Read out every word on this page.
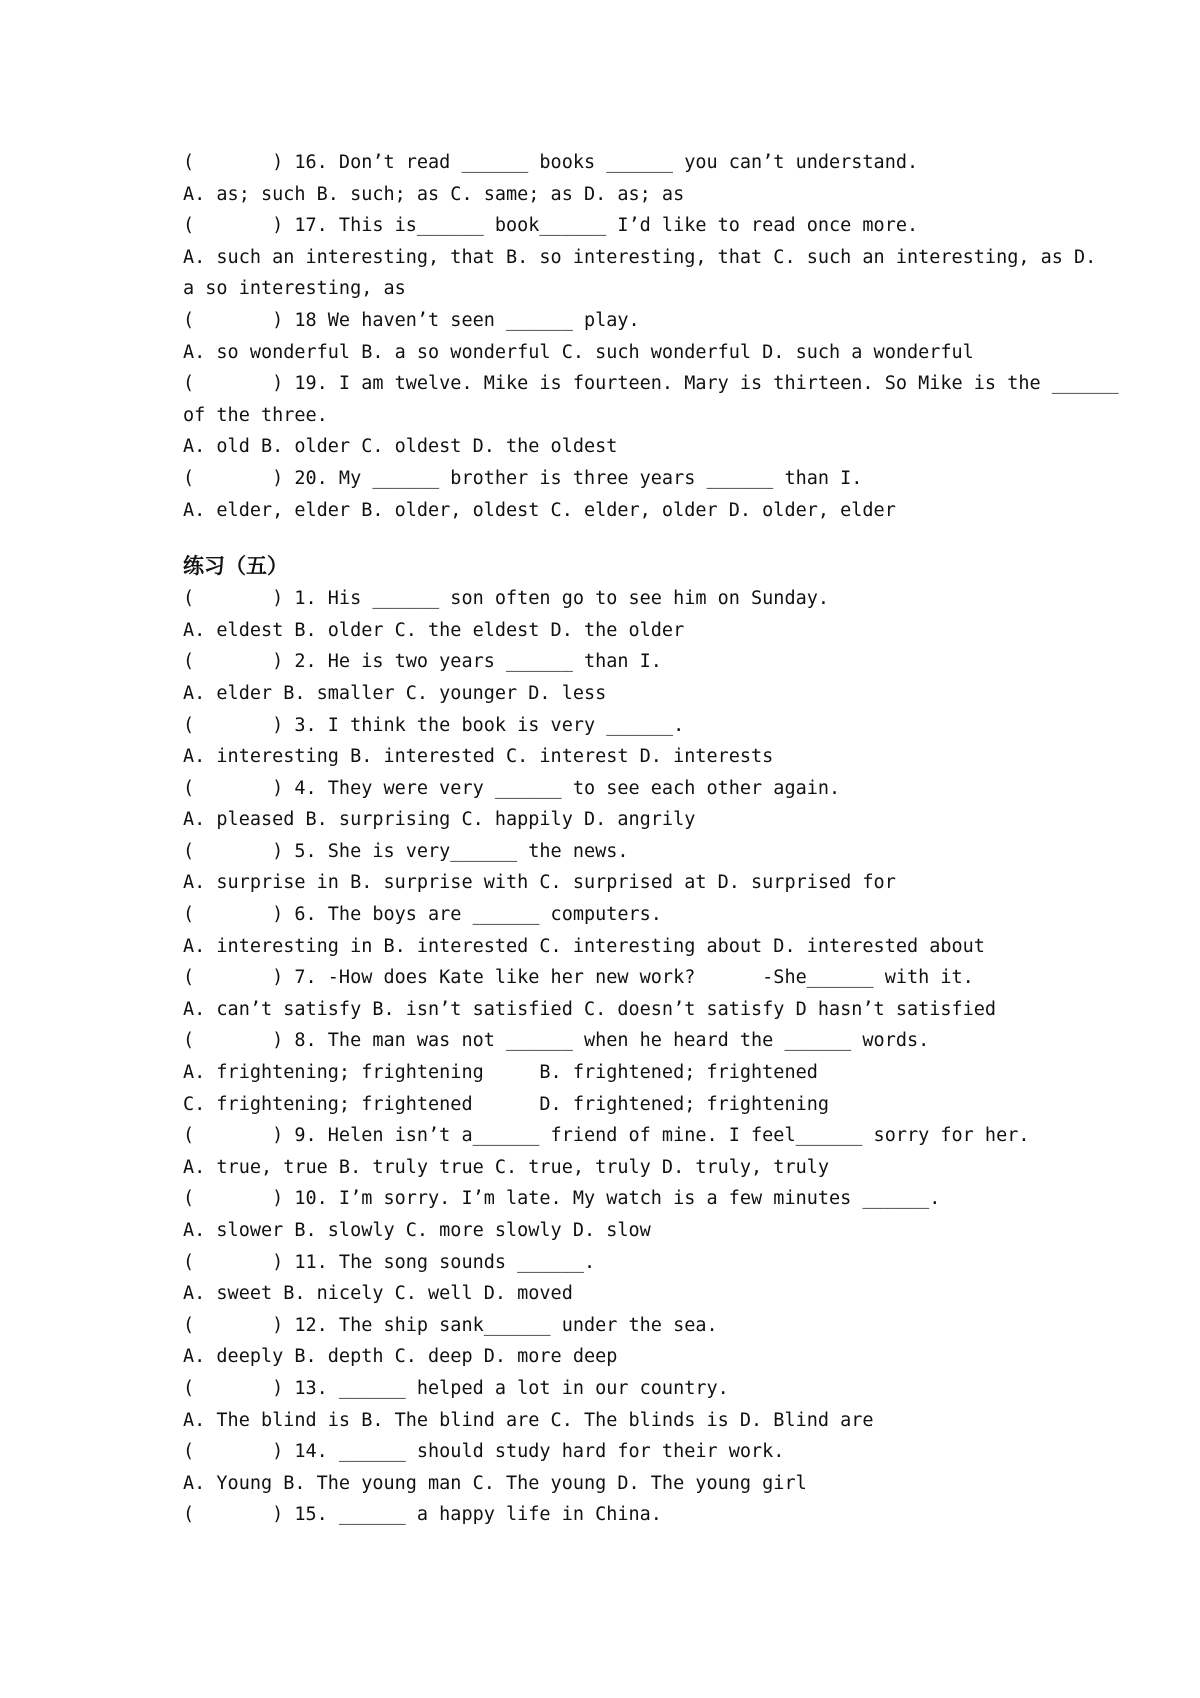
(       ) 16. Don’t read ______ books ______ you can’t understand.
A. as; such B. such; as C. same; as D. as; as
(       ) 17. This is______ book______ I’d like to read once more.
A. such an interesting, that B. so interesting, that C. such an interesting, as D.
a so interesting, as
(       ) 18 We haven’t seen ______ play.
A. so wonderful B. a so wonderful C. such wonderful D. such a wonderful
(       ) 19. I am twelve. Mike is fourteen. Mary is thirteen. So Mike is the ______
of the three.
A. old B. older C. oldest D. the oldest
(       ) 20. My ______ brother is three years ______ than I.
A. elder, elder B. older, oldest C. elder, older D. older, elder
练习（五）
(       ) 1. His ______ son often go to see him on Sunday.
A. eldest B. older C. the eldest D. the older
(       ) 2. He is two years ______ than I.
A. elder B. smaller C. younger D. less
(       ) 3. I think the book is very ______.
A. interesting B. interested C. interest D. interests
(       ) 4. They were very ______ to see each other again.
A. pleased B. surprising C. happily D. angrily
(       ) 5. She is very______ the news.
A. surprise in B. surprise with C. surprised at D. surprised for
(       ) 6. The boys are ______ computers.
A. interesting in B. interested C. interesting about D. interested about
(       ) 7. -How does Kate like her new work?      -She______ with it.
A. can’t satisfy B. isn’t satisfied C. doesn’t satisfy D hasn’t satisfied
(       ) 8. The man was not ______ when he heard the ______ words.
A. frightening; frightening     B. frightened; frightened
C. frightening; frightened      D. frightened; frightening
(       ) 9. Helen isn’t a______ friend of mine. I feel______ sorry for her.
A. true, true B. truly true C. true, truly D. truly, truly
(       ) 10. I’m sorry. I’m late. My watch is a few minutes ______.
A. slower B. slowly C. more slowly D. slow
(       ) 11. The song sounds ______.
A. sweet B. nicely C. well D. moved
(       ) 12. The ship sank______ under the sea.
A. deeply B. depth C. deep D. more deep
(       ) 13. ______ helped a lot in our country.
A. The blind is B. The blind are C. The blinds is D. Blind are
(       ) 14. ______ should study hard for their work.
A. Young B. The young man C. The young D. The young girl
(       ) 15. ______ a happy life in China.
